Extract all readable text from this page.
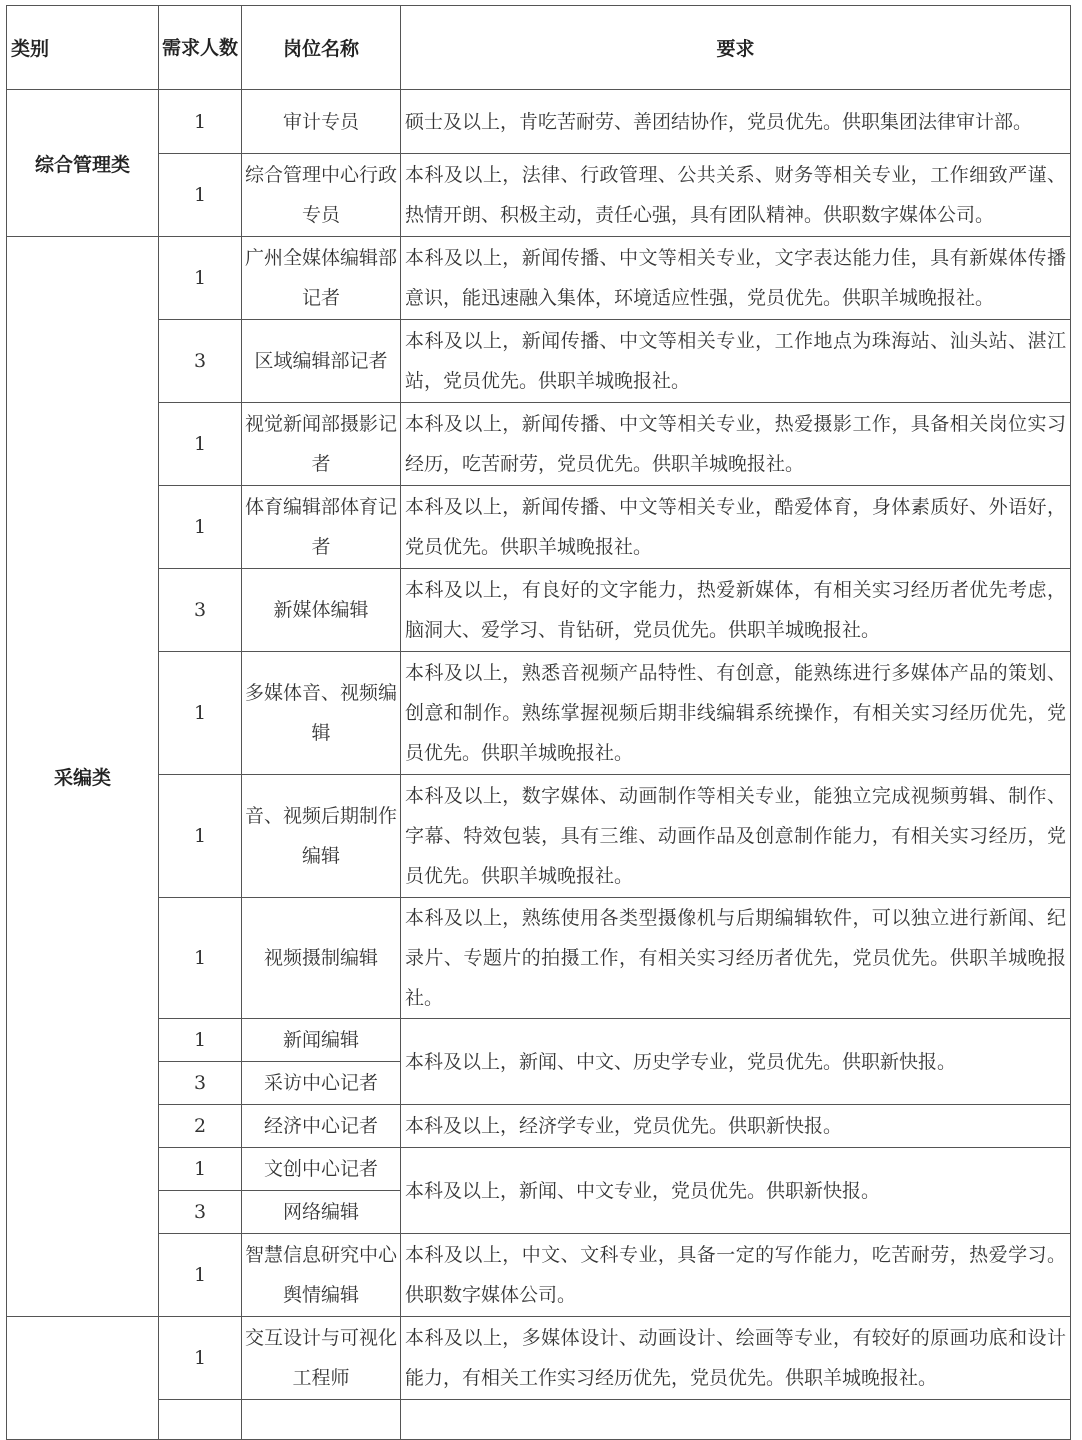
类别	需求人数	岗位名称	要求
综合管理类	1	审计专员	硕士及以上，肯吃苦耐劳、善团结协作，党员优先。供职集团法律审计部。
	1	综合管理中心行政专员	本科及以上，法律、行政管理、公共关系、财务等相关专业，工作细致严谨、热情开朗、积极主动，责任心强，具有团队精神。供职数字媒体公司。
采编类	1	广州全媒体编辑部记者	本科及以上，新闻传播、中文等相关专业，文字表达能力佳，具有新媒体传播意识，能迅速融入集体，环境适应性强，党员优先。供职羊城晚报社。
	3	区域编辑部记者	本科及以上，新闻传播、中文等相关专业，工作地点为珠海站、汕头站、湛江站，党员优先。供职羊城晚报社。
	1	视觉新闻部摄影记者	本科及以上，新闻传播、中文等相关专业，热爱摄影工作，具备相关岗位实习经历，吃苦耐劳，党员优先。供职羊城晚报社。
	1	体育编辑部体育记者	本科及以上，新闻传播、中文等相关专业，酷爱体育，身体素质好、外语好，党员优先。供职羊城晚报社。
	3	新媒体编辑	本科及以上，有良好的文字能力，热爱新媒体，有相关实习经历者优先考虑，脑洞大、爱学习、肯钻研，党员优先。供职羊城晚报社。
	1	多媒体音、视频编辑	本科及以上，熟悉音视频产品特性、有创意，能熟练进行多媒体产品的策划、创意和制作。熟练掌握视频后期非线编辑系统操作，有相关实习经历优先，党员优先。供职羊城晚报社。
	1	音、视频后期制作编辑	本科及以上，数字媒体、动画制作等相关专业，能独立完成视频剪辑、制作、字幕、特效包装，具有三维、动画作品及创意制作能力，有相关实习经历，党员优先。供职羊城晚报社。
	1	视频摄制编辑	本科及以上，熟练使用各类型摄像机与后期编辑软件，可以独立进行新闻、纪录片、专题片的拍摄工作，有相关实习经历者优先，党员优先。供职羊城晚报社。
	1	新闻编辑	本科及以上，新闻、中文、历史学专业，党员优先。供职新快报。
	3	采访中心记者	
	2	经济中心记者	本科及以上，经济学专业，党员优先。供职新快报。
	1	文创中心记者	本科及以上，新闻、中文专业，党员优先。供职新快报。
	3	网络编辑	
	1	智慧信息研究中心舆情编辑	本科及以上，中文、文科专业，具备一定的写作能力，吃苦耐劳，热爱学习。供职数字媒体公司。
	1	交互设计与可视化工程师	本科及以上，多媒体设计、动画设计、绘画等专业，有较好的原画功底和设计能力，有相关工作实习经历优先，党员优先。供职羊城晚报社。
